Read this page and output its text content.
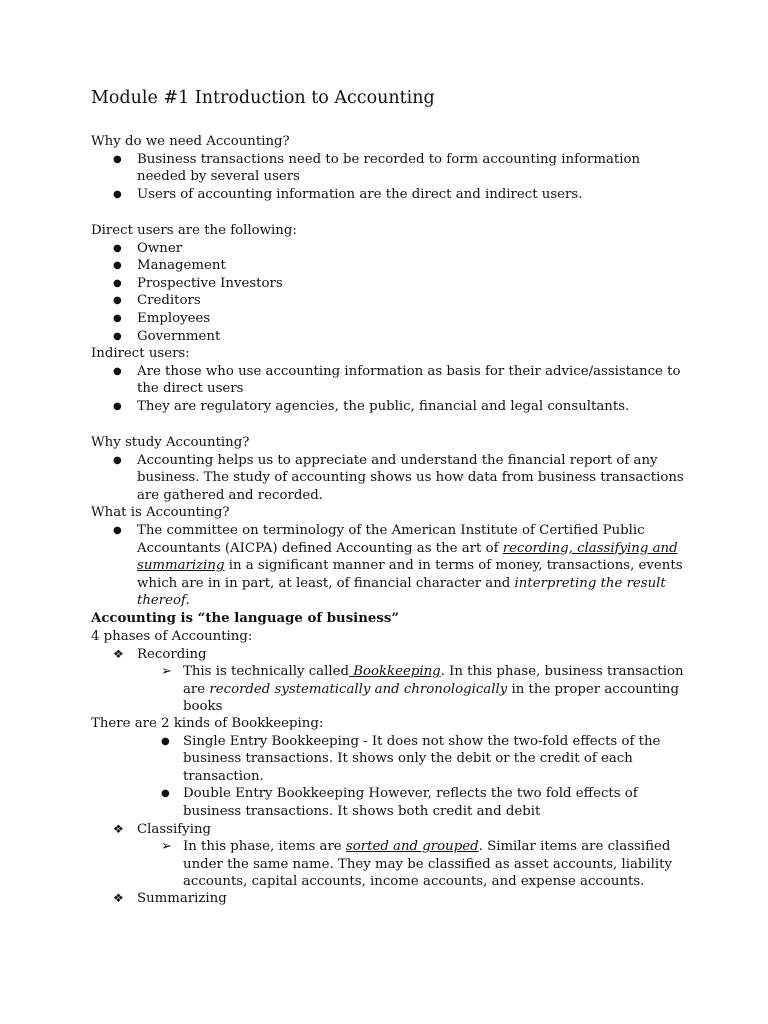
Module #1 Introduction to Accounting

Why do we need Accounting?

● Business transactions need to be recorded to form accounting information needed by several users
● Users of accounting information are the direct and indirect users.

Direct users are the following:

● Owner
● Management
● Prospective Investors
● Creditors
● Employees
● Government

Indirect users:

● Are those who use accounting information as basis for their advice/assistance to the direct users
● They are regulatory agencies, the public, financial and legal consultants.

Why study Accounting?

● Accounting helps us to appreciate and understand the financial report of any business. The study of accounting shows us how data from business transactions are gathered and recorded.

What is Accounting?

● The committee on terminology of the American Institute of Certified Public Accountants (AICPA) defined Accounting as the art of recording, classifying and summarizing in a significant manner and in terms of money, transactions, events which are in in part, at least, of financial character and interpreting the result thereof.

Accounting is “the language of business”

4 phases of Accounting:

❖ Recording
➢ This is technically called Bookkeeping. In this phase, business transaction are recorded systematically and chronologically in the proper accounting books

There are 2 kinds of Bookkeeping:

● Single Entry Bookkeeping - It does not show the two-fold effects of the business transactions. It shows only the debit or the credit of each transaction.
● Double Entry Bookkeeping However, reflects the two fold effects of business transactions. It shows both credit and debit
❖ Classifying
➢ In this phase, items are sorted and grouped. Similar items are classified under the same name. They may be classified as asset accounts, liability accounts, capital accounts, income accounts, and expense accounts.
❖ Summarizing
